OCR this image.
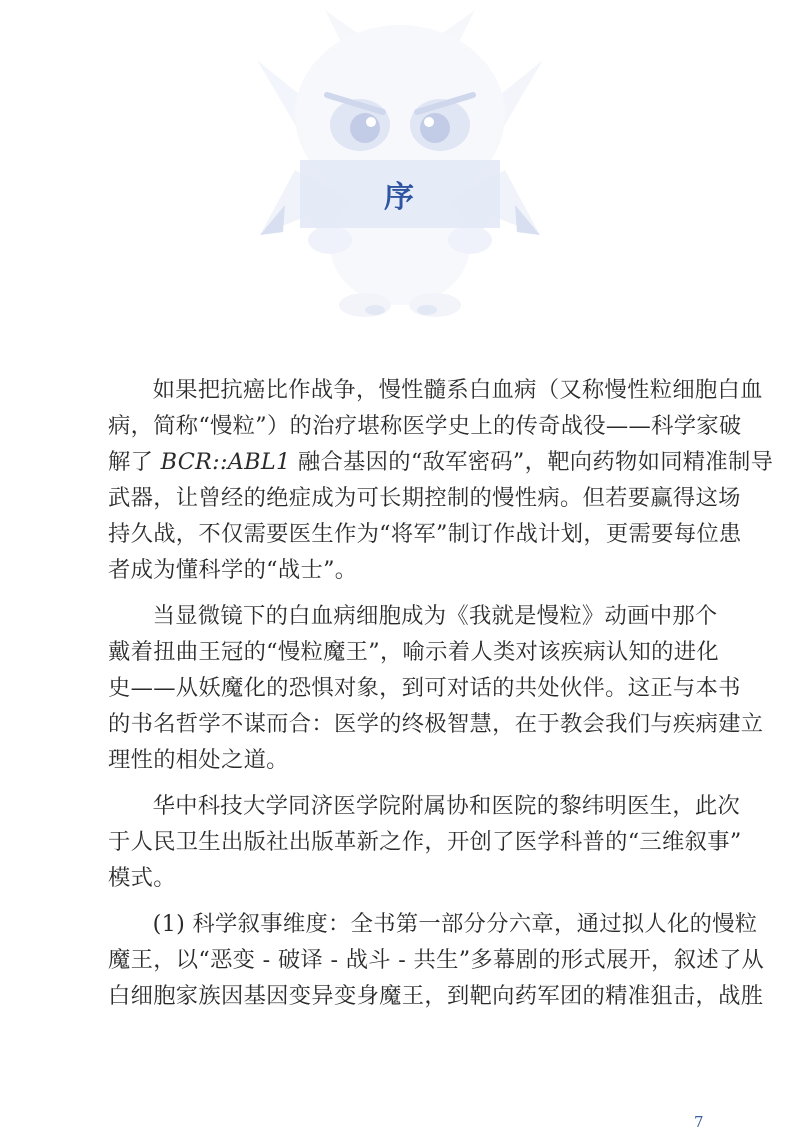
序
如果把抗癌比作战争，慢性髓系白血病（又称慢性粒细胞白血
病，简称“慢粒”）的治疗堪称医学史上的传奇战役——科学家破
解了 BCR::ABL1 融合基因的“敌军密码”，靶向药物如同精准制导
武器，让曾经的绝症成为可长期控制的慢性病。但若要赢得这场
持久战，不仅需要医生作为“将军”制订作战计划，更需要每位患
者成为懂科学的“战士”。
当显微镜下的白血病细胞成为《我就是慢粒》动画中那个
戴着扭曲王冠的“慢粒魔王”，喻示着人类对该疾病认知的进化
史——从妖魔化的恐惧对象，到可对话的共处伙伴。这正与本书
的书名哲学不谋而合：医学的终极智慧，在于教会我们与疾病建立
理性的相处之道。
华中科技大学同济医学院附属协和医院的黎纬明医生，此次
于人民卫生出版社出版革新之作，开创了医学科普的“三维叙事”
模式。
(1) 科学叙事维度：全书第一部分分六章，通过拟人化的慢粒
魔王，以“恶变 - 破译 - 战斗 - 共生”多幕剧的形式展开，叙述了从
白细胞家族因基因变异变身魔王，到靶向药军团的精准狙击，战胜
7
